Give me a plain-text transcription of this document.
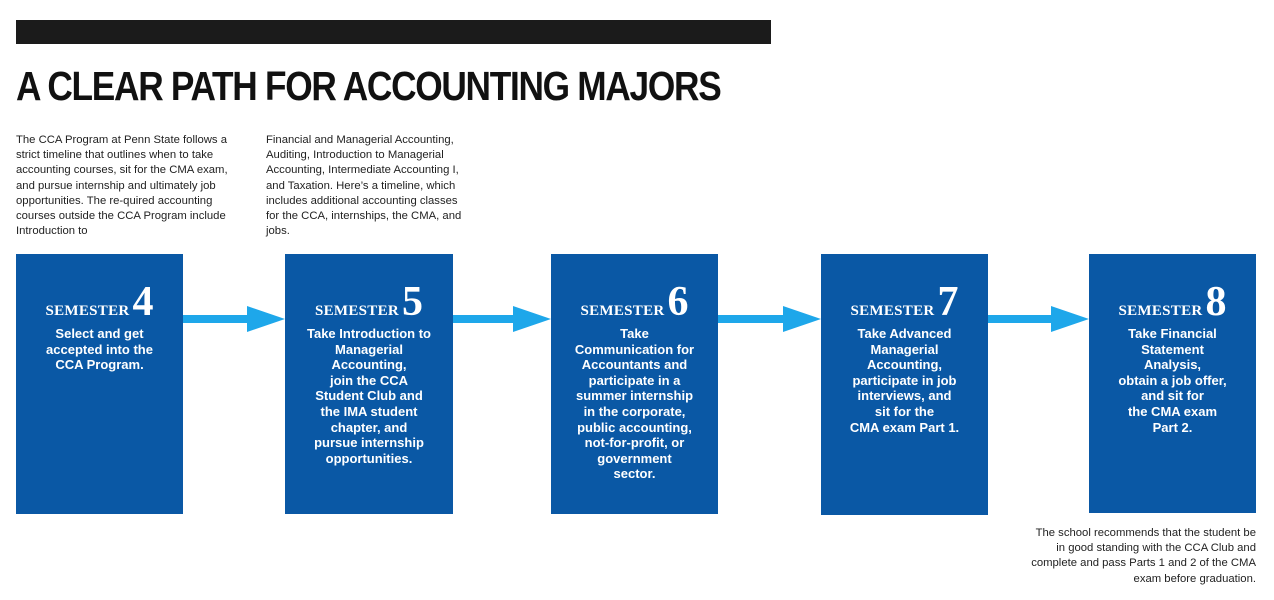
A CLEAR PATH FOR ACCOUNTING MAJORS

The CCA Program at Penn State follows a strict timeline that outlines when to take accounting courses, sit for the CMA exam, and pursue internship and ultimately job opportunities. The re-quired accounting courses outside the CCA Program include Introduction to

Financial and Managerial Accounting, Auditing, Introduction to Managerial Accounting, Intermediate Accounting I, and Taxation. Here’s a timeline, which includes additional accounting classes for the CCA, internships, the CMA, and jobs.

SEMESTER 4

Select and get
accepted into the
CCA Program.

SEMESTER 5

Take Introduction to
Managerial
Accounting,
join the CCA
Student Club and
the IMA student
chapter, and
pursue internship
opportunities.

SEMESTER 6

Take
Communication for
Accountants and
participate in a
summer internship
in the corporate,
public accounting,
not-for-profit, or
government
sector.

SEMESTER 7

Take Advanced
Managerial
Accounting,
participate in job
interviews, and
sit for the
CMA exam Part 1.

SEMESTER 8

Take Financial
Statement
Analysis,
obtain a job offer,
and sit for
the CMA exam
Part 2.

The school recommends that the student be in good standing with the CCA Club and complete and pass Parts 1 and 2 of the CMA exam before graduation.
